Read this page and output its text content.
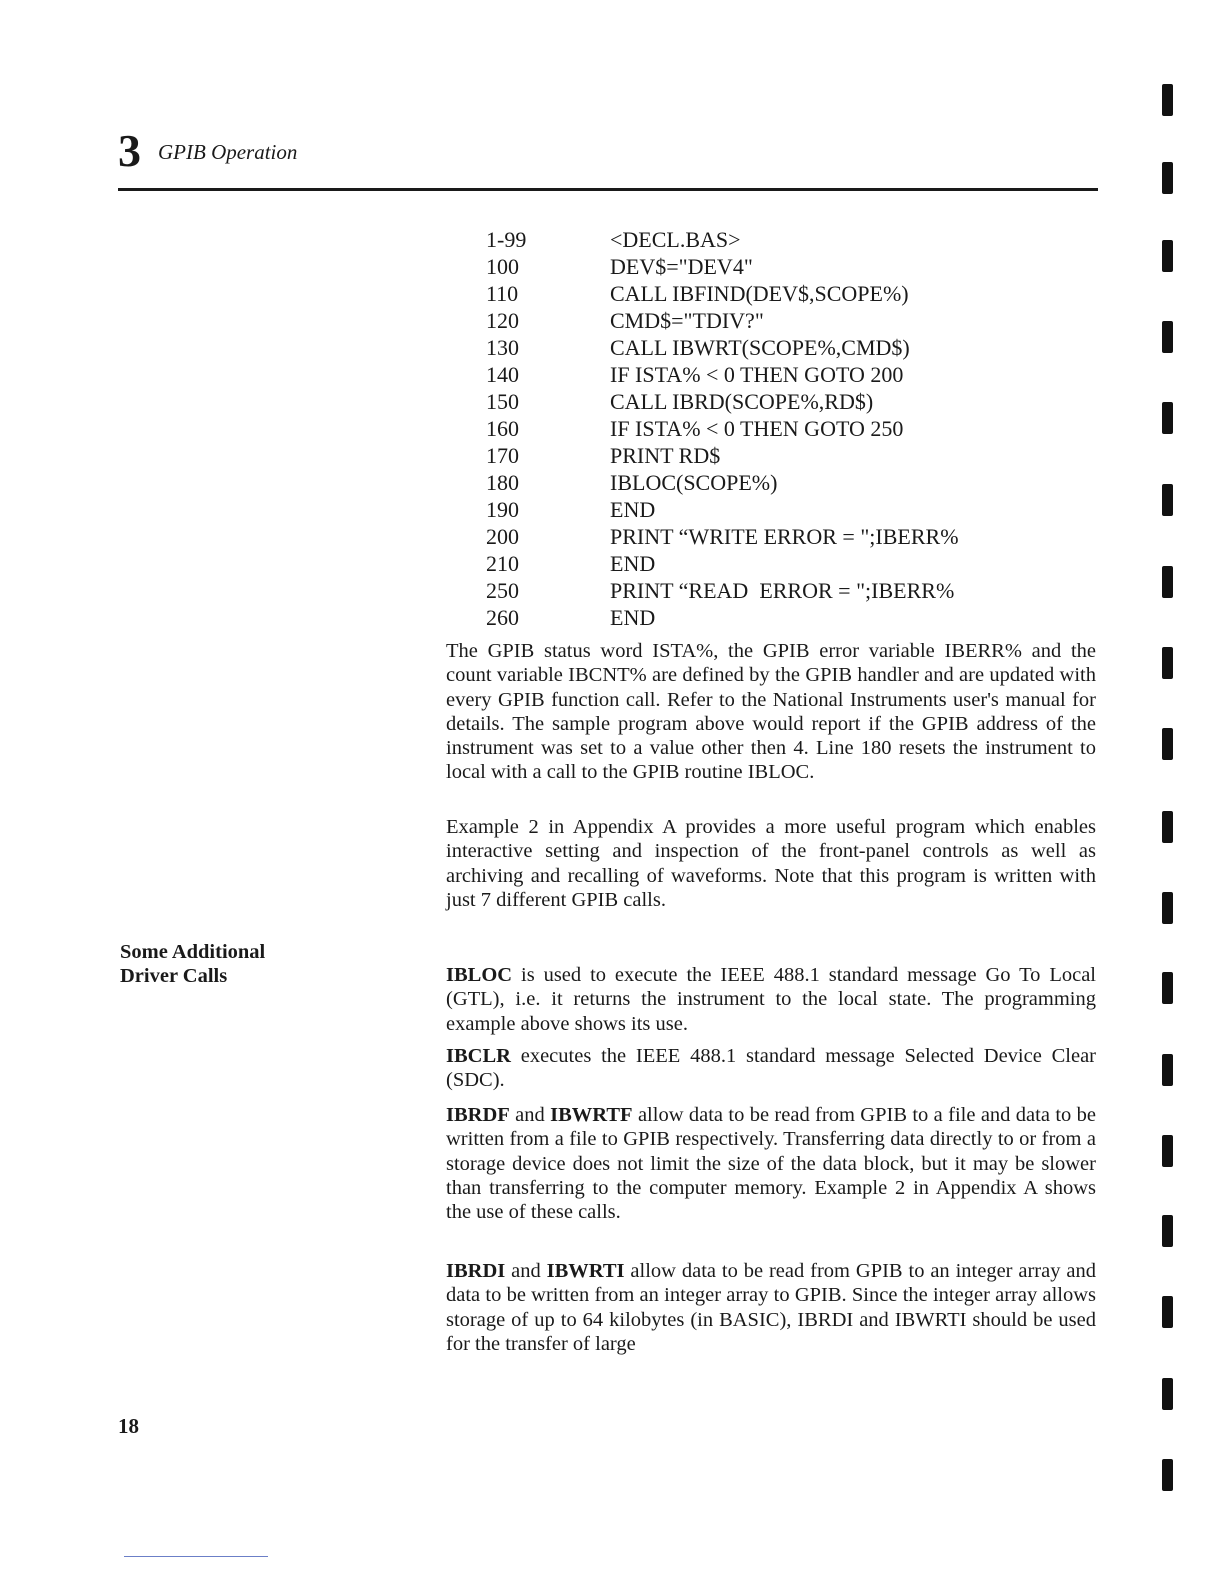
3 GPIB Operation
1-99	<DECL.BAS>
100	DEV$="DEV4"
110	CALL IBFIND(DEV$,SCOPE%)
120	CMD$="TDIV?"
130	CALL IBWRT(SCOPE%,CMD$)
140	IF ISTA% < 0 THEN GOTO 200
150	CALL IBRD(SCOPE%,RD$)
160	IF ISTA% < 0 THEN GOTO 250
170	PRINT RD$
180	IBLOC(SCOPE%)
190	END
200	PRINT “WRITE ERROR = ";IBERR%
210	END
250	PRINT “READ  ERROR = ";IBERR%
260	END

The GPIB status word ISTA%, the GPIB error variable IBERR% and the count variable IBCNT% are defined by the GPIB handler and are updated with every GPIB function call. Refer to the National Instruments user's manual for details. The sample program above would report if the GPIB address of the instrument was set to a value other then 4. Line 180 resets the instrument to local with a call to the GPIB routine IBLOC.

Example 2 in Appendix A provides a more useful program which enables interactive setting and inspection of the front-panel controls as well as archiving and recalling of waveforms. Note that this program is written with just 7 different GPIB calls.

Some Additional
Driver Calls	IBLOC is used to execute the IEEE 488.1 standard message Go To Local (GTL), i.e. it returns the instrument to the local state. The programming example above shows its use.

IBCLR executes the IEEE 488.1 standard message Selected Device Clear (SDC).

IBRDF and IBWRTF allow data to be read from GPIB to a file and data to be written from a file to GPIB respectively. Transferring data directly to or from a storage device does not limit the size of the data block, but it may be slower than transferring to the computer memory. Example 2 in Appendix A shows the use of these calls.

IBRDI and IBWRTI allow data to be read from GPIB to an integer array and data to be written from an integer array to GPIB. Since the integer array allows storage of up to 64 kilobytes (in BASIC), IBRDI and IBWRTI should be used for the transfer of large

18
